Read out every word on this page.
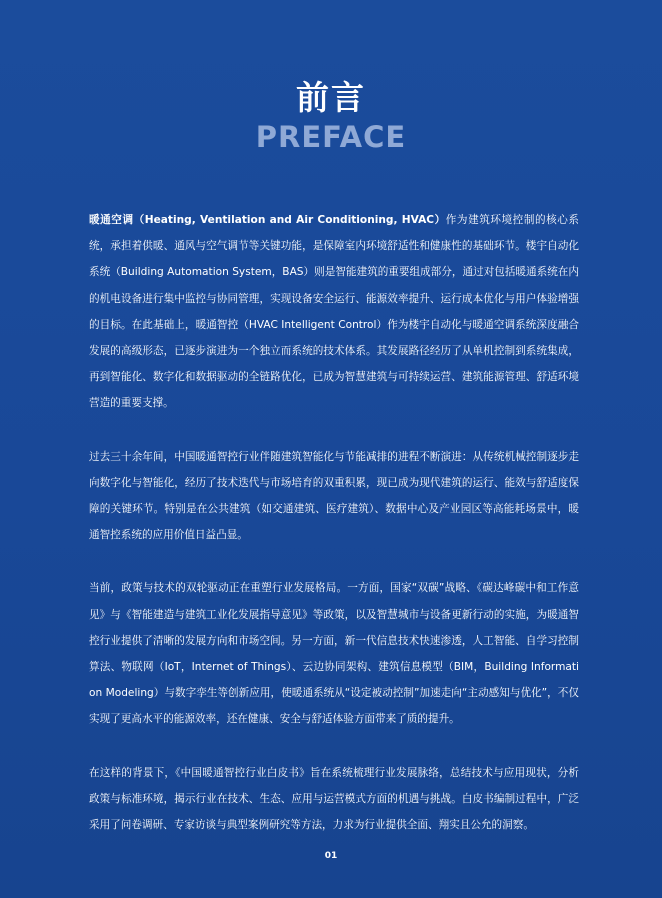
前言
PREFACE

暖通空调（Heating, Ventilation and Air Conditioning, HVAC）作为建筑环境控制的核心系统，承担着供暖、通风与空气调节等关键功能，是保障室内环境舒适性和健康性的基础环节。楼宇自动化系统（Building Automation System，BAS）则是智能建筑的重要组成部分，通过对包括暖通系统在内的机电设备进行集中监控与协同管理，实现设备安全运行、能源效率提升、运行成本优化与用户体验增强的目标。在此基础上，暖通智控（HVAC Intelligent Control）作为楼宇自动化与暖通空调系统深度融合发展的高级形态，已逐步演进为一个独立而系统的技术体系。其发展路径经历了从单机控制到系统集成，再到智能化、数字化和数据驱动的全链路优化，已成为智慧建筑与可持续运营、建筑能源管理、舒适环境营造的重要支撑。

过去三十余年间，中国暖通智控行业伴随建筑智能化与节能减排的进程不断演进：从传统机械控制逐步走向数字化与智能化，经历了技术迭代与市场培育的双重积累，现已成为现代建筑的运行、能效与舒适度保障的关键环节。特别是在公共建筑（如交通建筑、医疗建筑）、数据中心及产业园区等高能耗场景中，暖通智控系统的应用价值日益凸显。

当前，政策与技术的双轮驱动正在重塑行业发展格局。一方面，国家“双碳”战略、《碳达峰碳中和工作意见》与《智能建造与建筑工业化发展指导意见》等政策，以及智慧城市与设备更新行动的实施，为暖通智控行业提供了清晰的发展方向和市场空间。另一方面，新一代信息技术快速渗透，人工智能、自学习控制算法、物联网（IoT，Internet of Things）、云边协同架构、建筑信息模型（BIM，Building Information Modeling）与数字孪生等创新应用，使暖通系统从“设定被动控制”加速走向“主动感知与优化”，不仅实现了更高水平的能源效率，还在健康、安全与舒适体验方面带来了质的提升。

在这样的背景下，《中国暖通智控行业白皮书》旨在系统梳理行业发展脉络，总结技术与应用现状，分析政策与标准环境，揭示行业在技术、生态、应用与运营模式方面的机遇与挑战。白皮书编制过程中，广泛采用了问卷调研、专家访谈与典型案例研究等方法，力求为行业提供全面、翔实且公允的洞察。

01
